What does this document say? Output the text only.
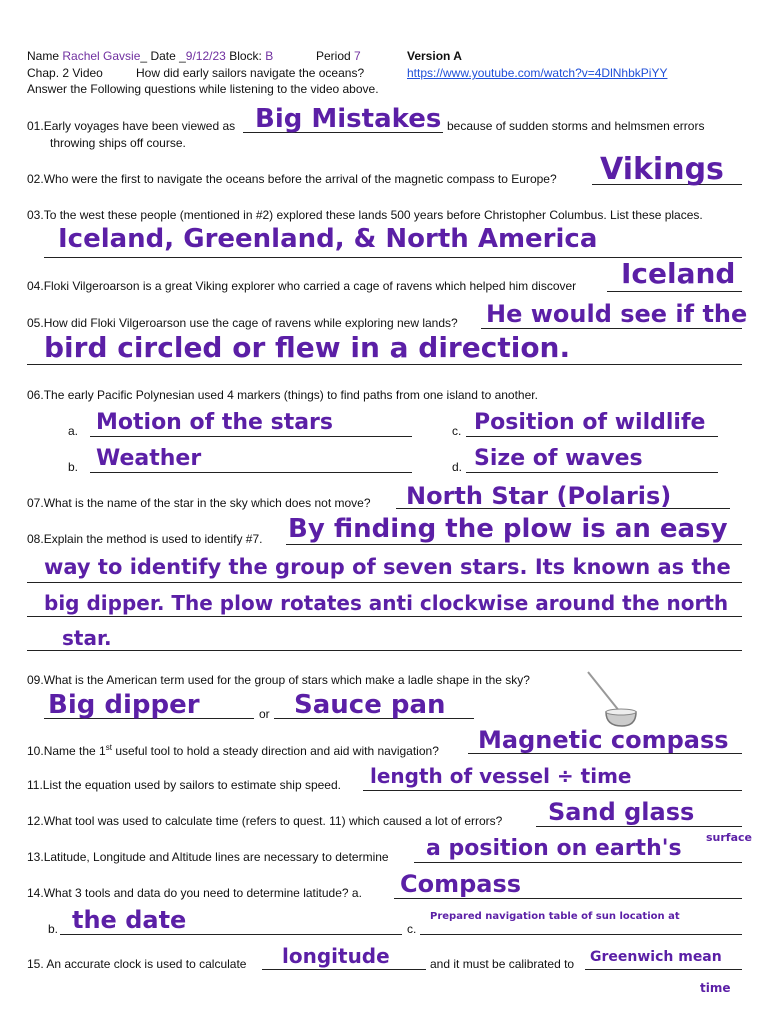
Name Rachel Gavsie_ Date _9/12/23 Block: B	Period 7	Version A
Chap. 2 Video	How did early sailors navigate the oceans?	https://www.youtube.com/watch?v=4DlNhbkPiYY
Answer the Following questions while listening to the video above.
01.Early voyages have been viewed as Big Mistakes because of sudden storms and helmsmen errors
throwing ships off course.
02.Who were the first to navigate the oceans before the arrival of the magnetic compass to Europe? Vikings
03.To the west these people (mentioned in #2) explored these lands 500 years before Christopher Columbus. List these places.
Iceland, Greenland, & North America
04.Floki Vilgeroarson is a great Viking explorer who carried a cage of ravens which helped him discover Iceland
05.How did Floki Vilgeroarson use the cage of ravens while exploring new lands? He would see if the
bird circled or flew in a direction.
06.The early Pacific Polynesian used 4 markers (things) to find paths from one island to another.
a. Motion of the stars	c. Position of wildlife
b. Weather	d. Size of waves
07.What is the name of the star in the sky which does not move? North Star (Polaris)
08.Explain the method is used to identify #7. By finding the plow is an easy
way to identify the group of seven stars. Its known as the
big dipper. The plow rotates anti clockwise around the north
star.
09.What is the American term used for the group of stars which make a ladle shape in the sky?
Big dipper	or Sauce pan
10.Name the 1st useful tool to hold a steady direction and aid with navigation? Magnetic compass
11.List the equation used by sailors to estimate ship speed. length of vessel ÷ time
12.What tool was used to calculate time (refers to quest. 11) which caused a lot of errors? Sand glass
13.Latitude, Longitude and Altitude lines are necessary to determine a position on earth's surface
14.What 3 tools and data do you need to determine latitude? a. Compass
b. the date	c.
Prepared navigation table of sun location at
15. An accurate clock is used to calculate longitude	and it must be calibrated to Greenwich mean
time
